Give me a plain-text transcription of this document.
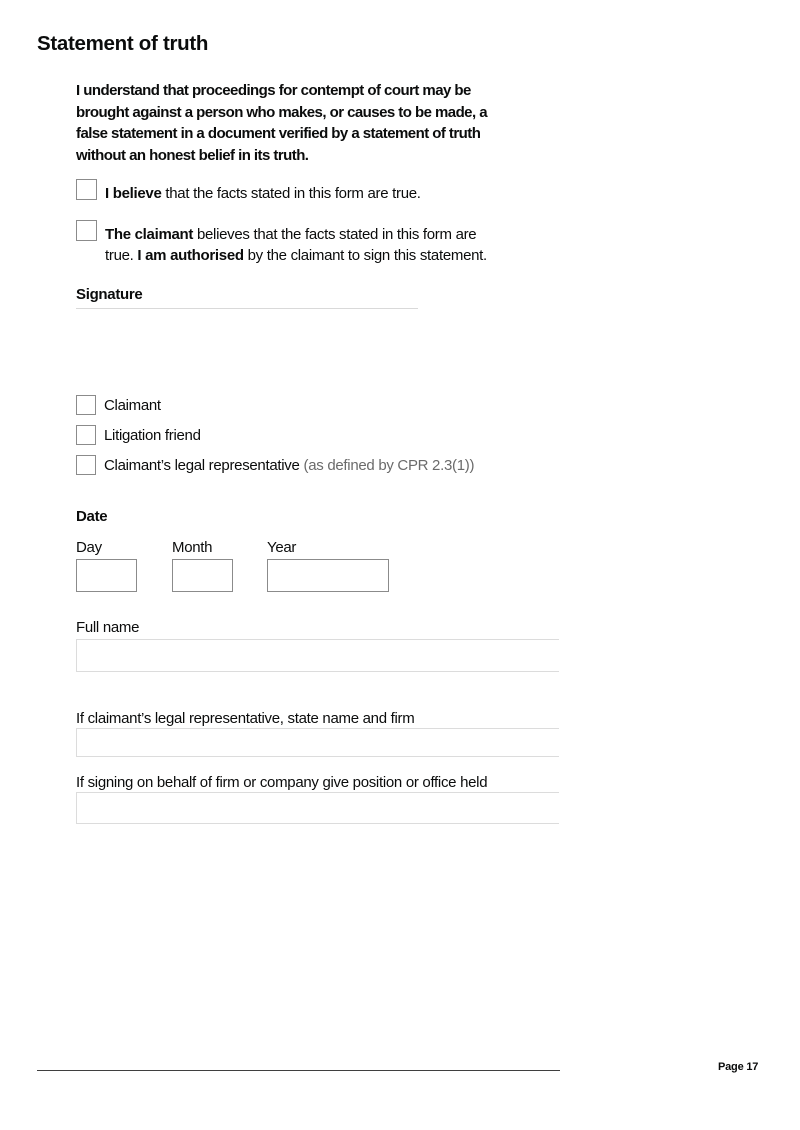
Statement of truth
I understand that proceedings for contempt of court may be
brought against a person who makes, or causes to be made, a
false statement in a document verified by a statement of truth
without an honest belief in its truth.
I believe that the facts stated in this form are true.
The claimant believes that the facts stated in this form are
true. I am authorised by the claimant to sign this statement.
Signature
Claimant
Litigation friend
Claimant’s legal representative (as defined by CPR 2.3(1))
Date
Day	Month	Year
Full name
If claimant’s legal representative, state name and firm
If signing on behalf of firm or company give position or office held
Page 17
